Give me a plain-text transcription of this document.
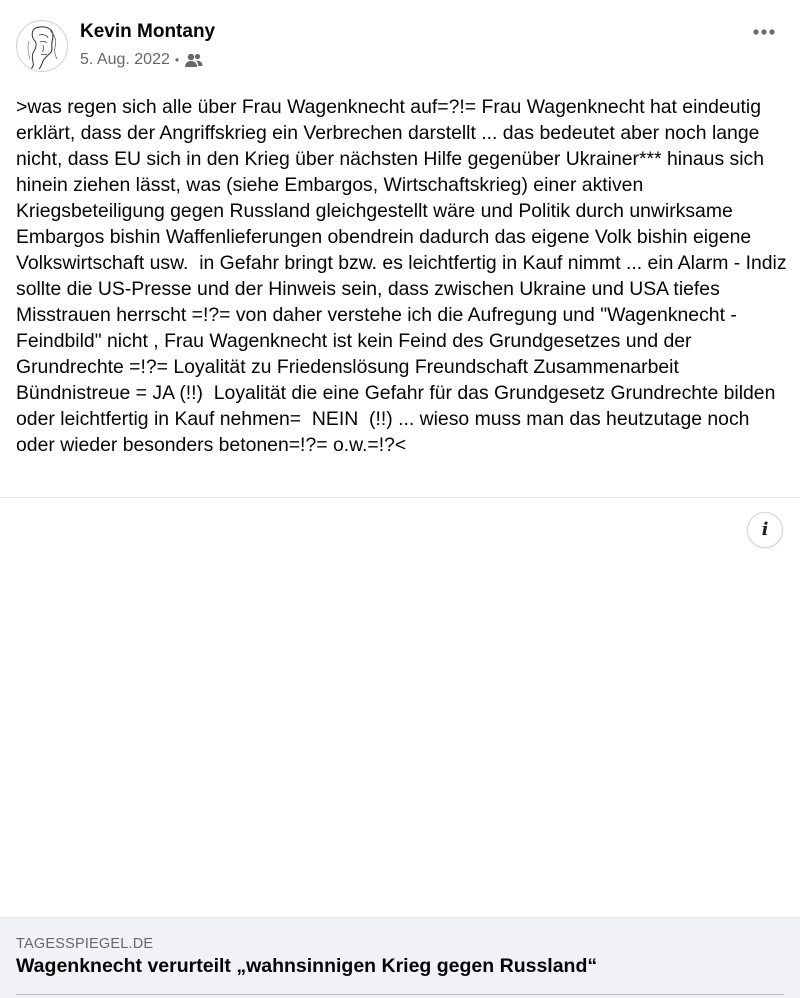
Kevin Montany
5. Aug. 2022 •
>was regen sich alle über Frau Wagenknecht auf=?!= Frau Wagenknecht hat eindeutig erklärt, dass der Angriffskrieg ein Verbrechen darstellt ... das bedeutet aber noch lange nicht, dass EU sich in den Krieg über nächsten Hilfe gegenüber Ukrainer*** hinaus sich hinein ziehen lässt, was (siehe Embargos, Wirtschaftskrieg) einer aktiven Kriegsbeteiligung gegen Russland gleichgestellt wäre und Politik durch unwirksame Embargos bishin Waffenlieferungen obendrein dadurch das eigene Volk bishin eigene Volkswirtschaft usw.  in Gefahr bringt bzw. es leichtfertig in Kauf nimmt ... ein Alarm - Indiz sollte die US-Presse und der Hinweis sein, dass zwischen Ukraine und USA tiefes Misstrauen herrscht =!?= von daher verstehe ich die Aufregung und "Wagenknecht - Feindbild" nicht , Frau Wagenknecht ist kein Feind des Grundgesetzes und der Grundrechte =!?= Loyalität zu Friedenslösung Freundschaft Zusammenarbeit Bündnistreue = JA (!!)  Loyalität die eine Gefahr für das Grundgesetz Grundrechte bilden oder leichtfertig in Kauf nehmen=  NEIN  (!!) ... wieso muss man das heutzutage noch oder wieder besonders betonen=!?= o.w.=!?<
i
TAGESSPIEGEL.DE
Wagenknecht verurteilt „wahnsinnigen Krieg gegen Russland“
